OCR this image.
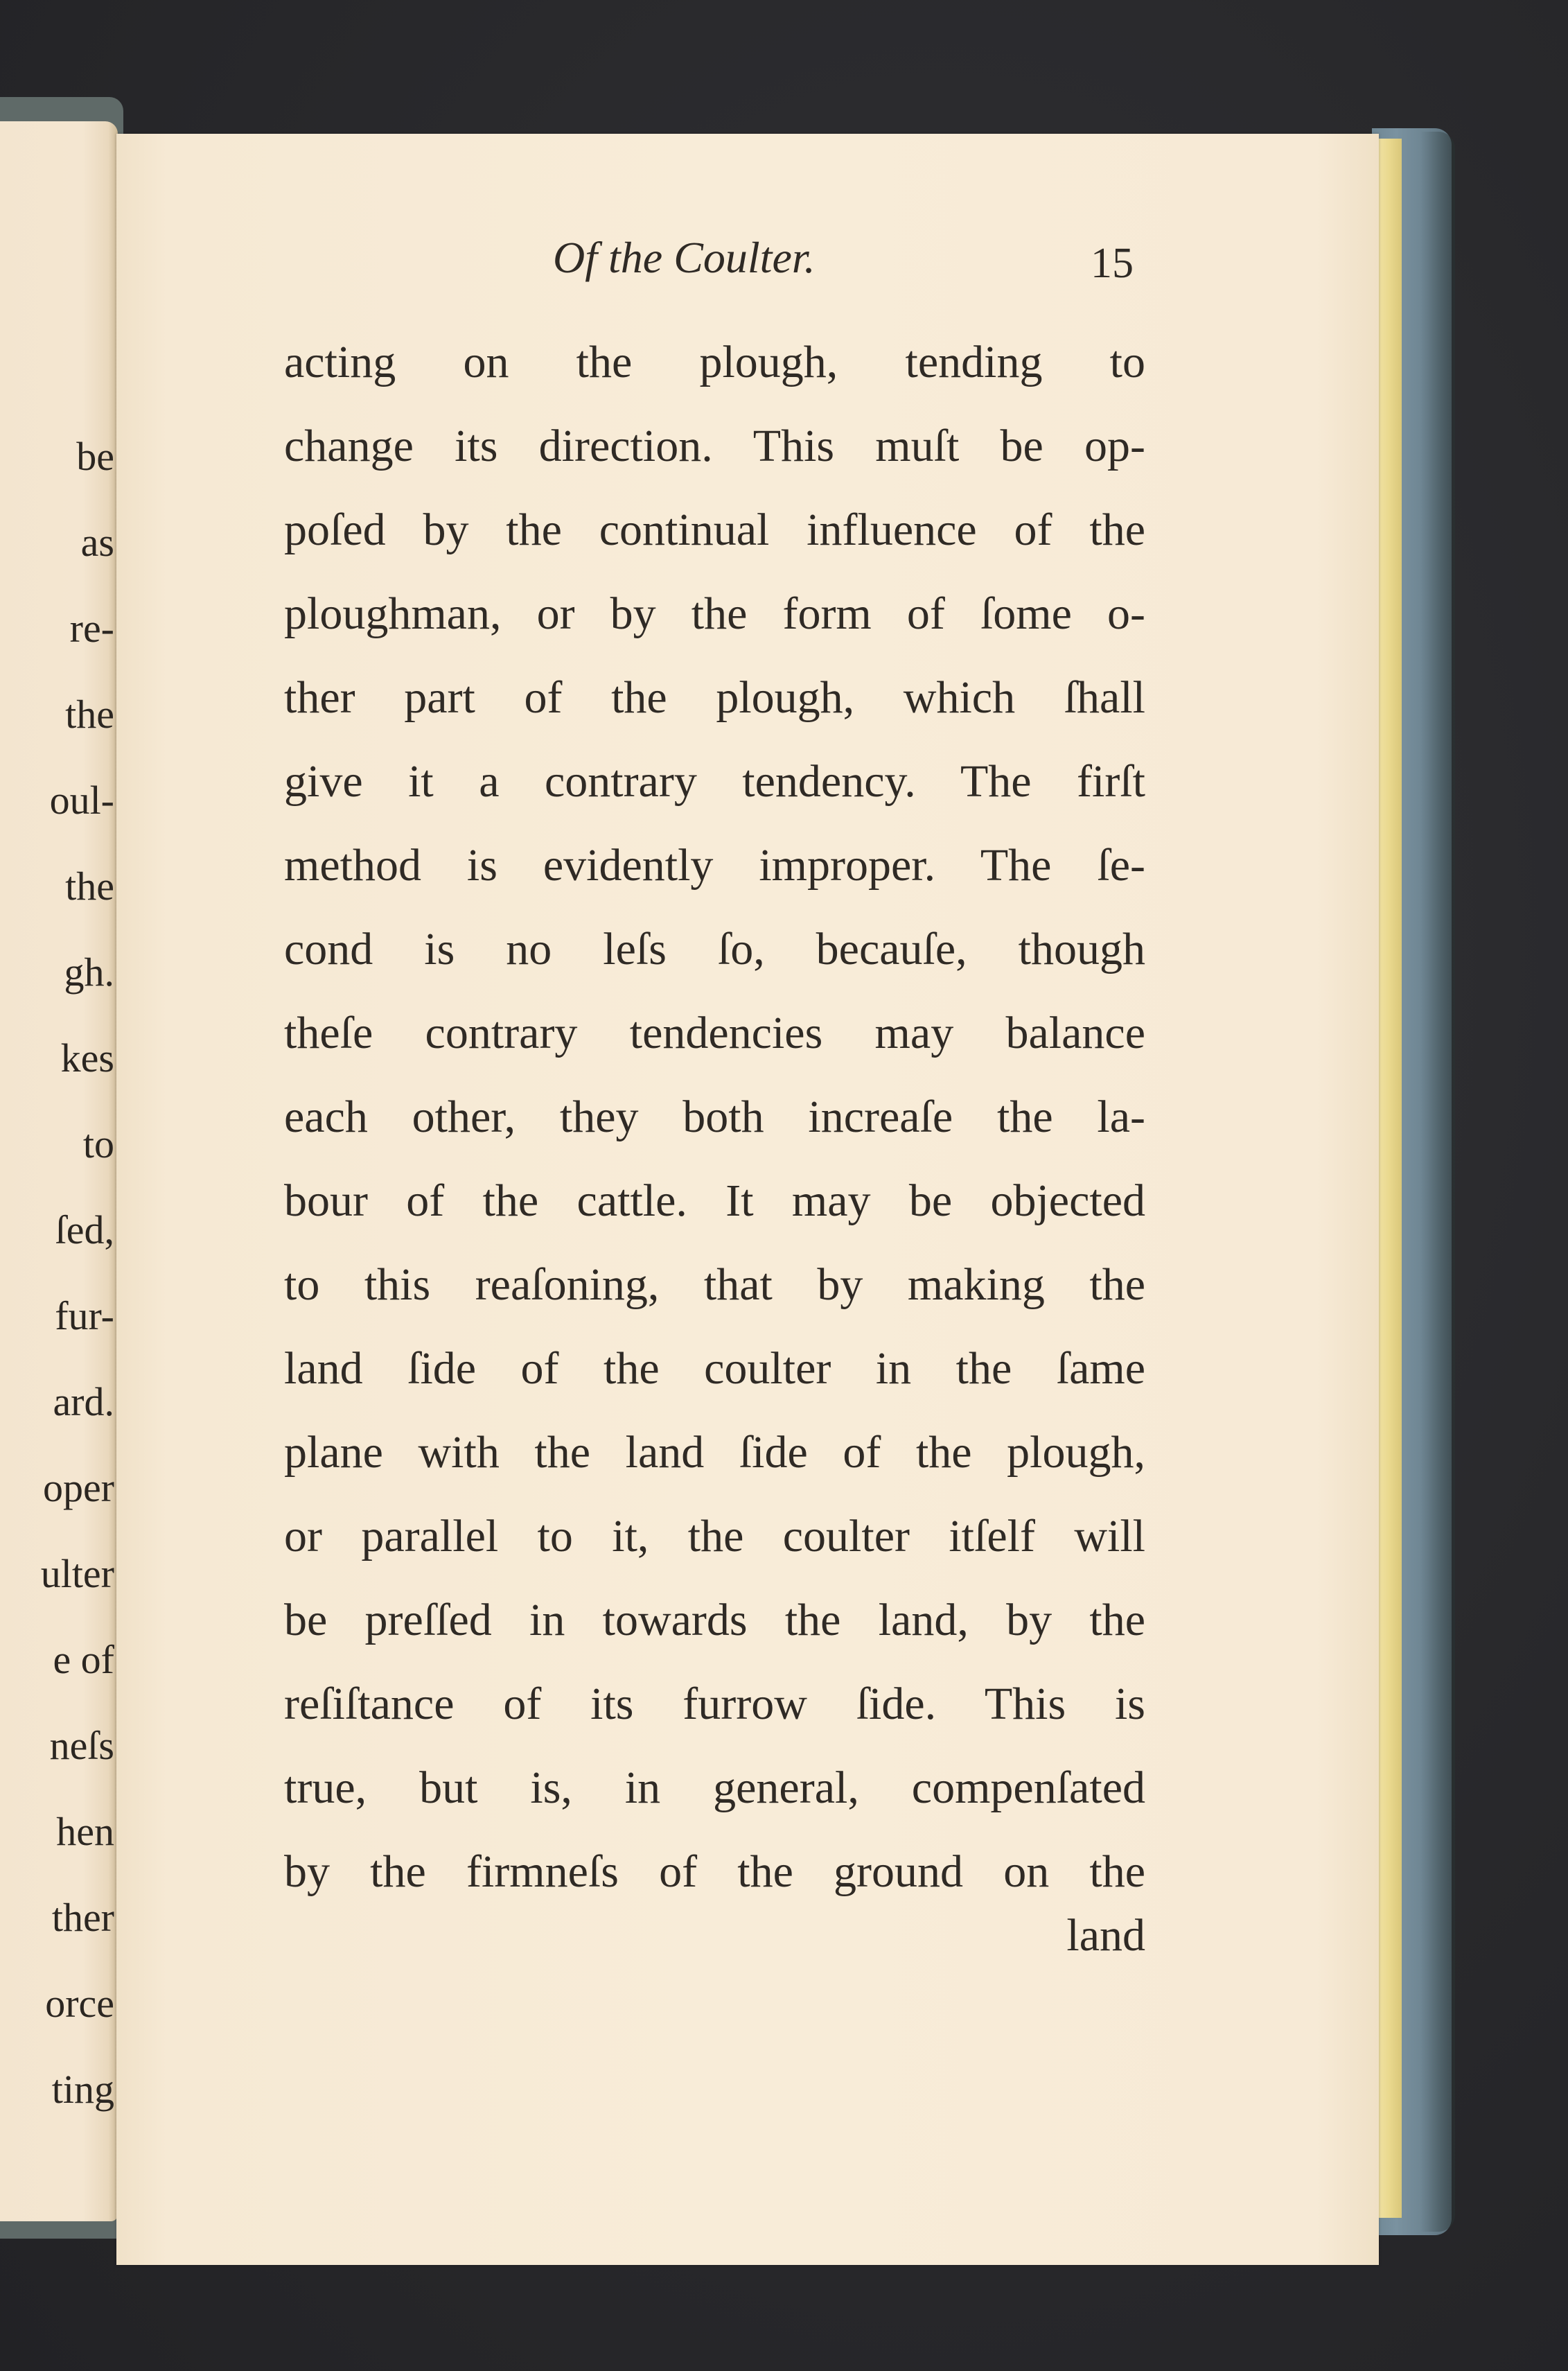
be
as
re-
the
oul-
the
gh.
kes
to
ſed,
fur-
ard.
oper
ulter
e of
neſs
hen
ther
orce
ting
Of the Coulter.	15
acting on the plough, tending to
change its direction. This muſt be op-
poſed by the continual influence of the
ploughman, or by the form of ſome o-
ther part of the plough, which ſhall
give it a contrary tendency. The firſt
method is evidently improper. The ſe-
cond is no leſs ſo, becauſe, though
theſe contrary tendencies may balance
each other, they both increaſe the la-
bour of the cattle. It may be objected
to this reaſoning, that by making the
land ſide of the coulter in the ſame
plane with the land ſide of the plough,
or parallel to it, the coulter itſelf will
be preſſed in towards the land, by the
reſiſtance of its furrow ſide. This is
true, but is, in general, compenſated
by the firmneſs of the ground on the
land
